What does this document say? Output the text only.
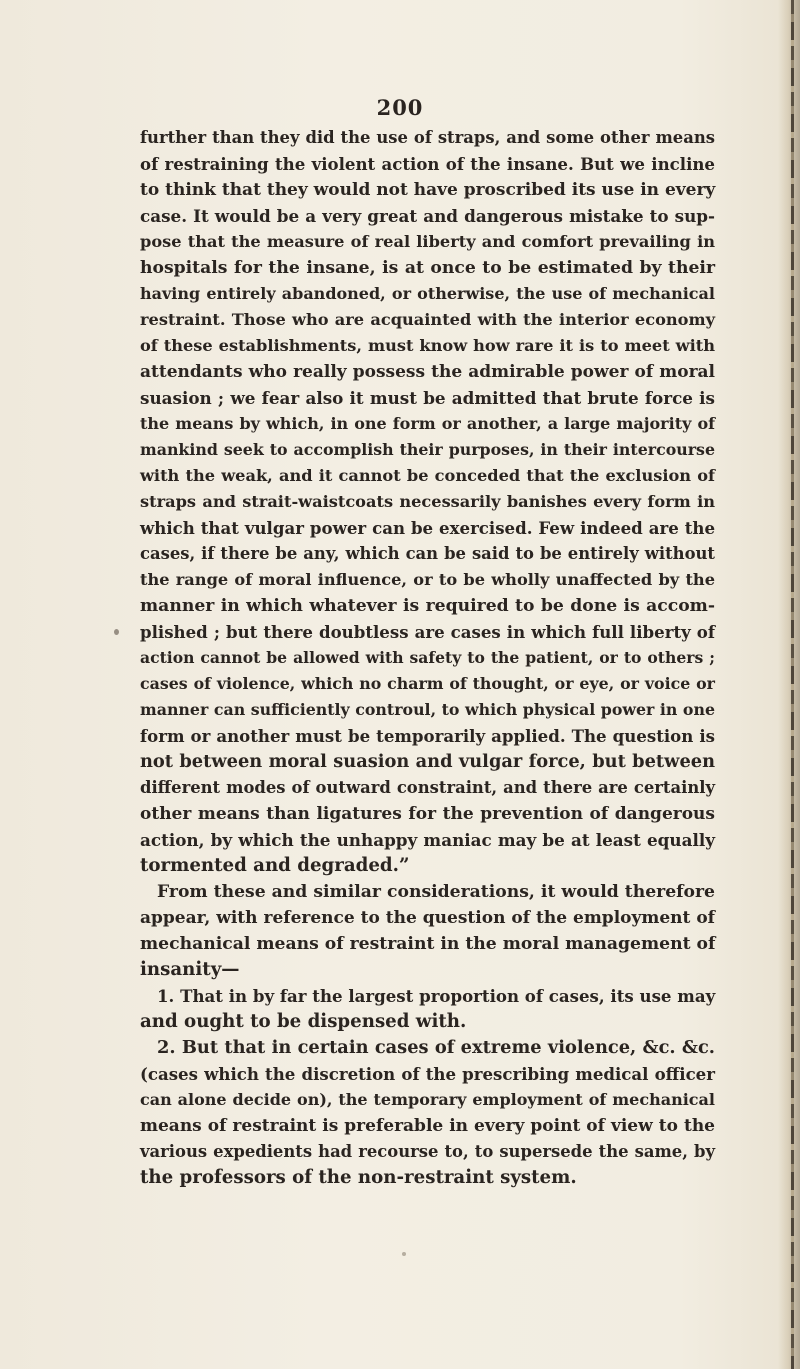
200
further than they did the use of straps, and some other means
of restraining the violent action of the insane. But we incline
to think that they would not have proscribed its use in every
case. It would be a very great and dangerous mistake to sup-
pose that the measure of real liberty and comfort prevailing in
hospitals for the insane, is at once to be estimated by their
having entirely abandoned, or otherwise, the use of mechanical
restraint. Those who are acquainted with the interior economy
of these establishments, must know how rare it is to meet with
attendants who really possess the admirable power of moral
suasion ; we fear also it must be admitted that brute force is
the means by which, in one form or another, a large majority of
mankind seek to accomplish their purposes, in their intercourse
with the weak, and it cannot be conceded that the exclusion of
straps and strait-waistcoats necessarily banishes every form in
which that vulgar power can be exercised. Few indeed are the
cases, if there be any, which can be said to be entirely without
the range of moral influence, or to be wholly unaffected by the
manner in which whatever is required to be done is accom-
plished ; but there doubtless are cases in which full liberty of
action cannot be allowed with safety to the patient, or to others ;
cases of violence, which no charm of thought, or eye, or voice or
manner can sufficiently controul, to which physical power in one
form or another must be temporarily applied. The question is
not between moral suasion and vulgar force, but between
different modes of outward constraint, and there are certainly
other means than ligatures for the prevention of dangerous
action, by which the unhappy maniac may be at least equally
tormented and degraded.”
From these and similar considerations, it would therefore
appear, with reference to the question of the employment of
mechanical means of restraint in the moral management of
insanity—
1. That in by far the largest proportion of cases, its use may
and ought to be dispensed with.
2. But that in certain cases of extreme violence, &c. &c.
(cases which the discretion of the prescribing medical officer
can alone decide on), the temporary employment of mechanical
means of restraint is preferable in every point of view to the
various expedients had recourse to, to supersede the same, by
the professors of the non-restraint system.
